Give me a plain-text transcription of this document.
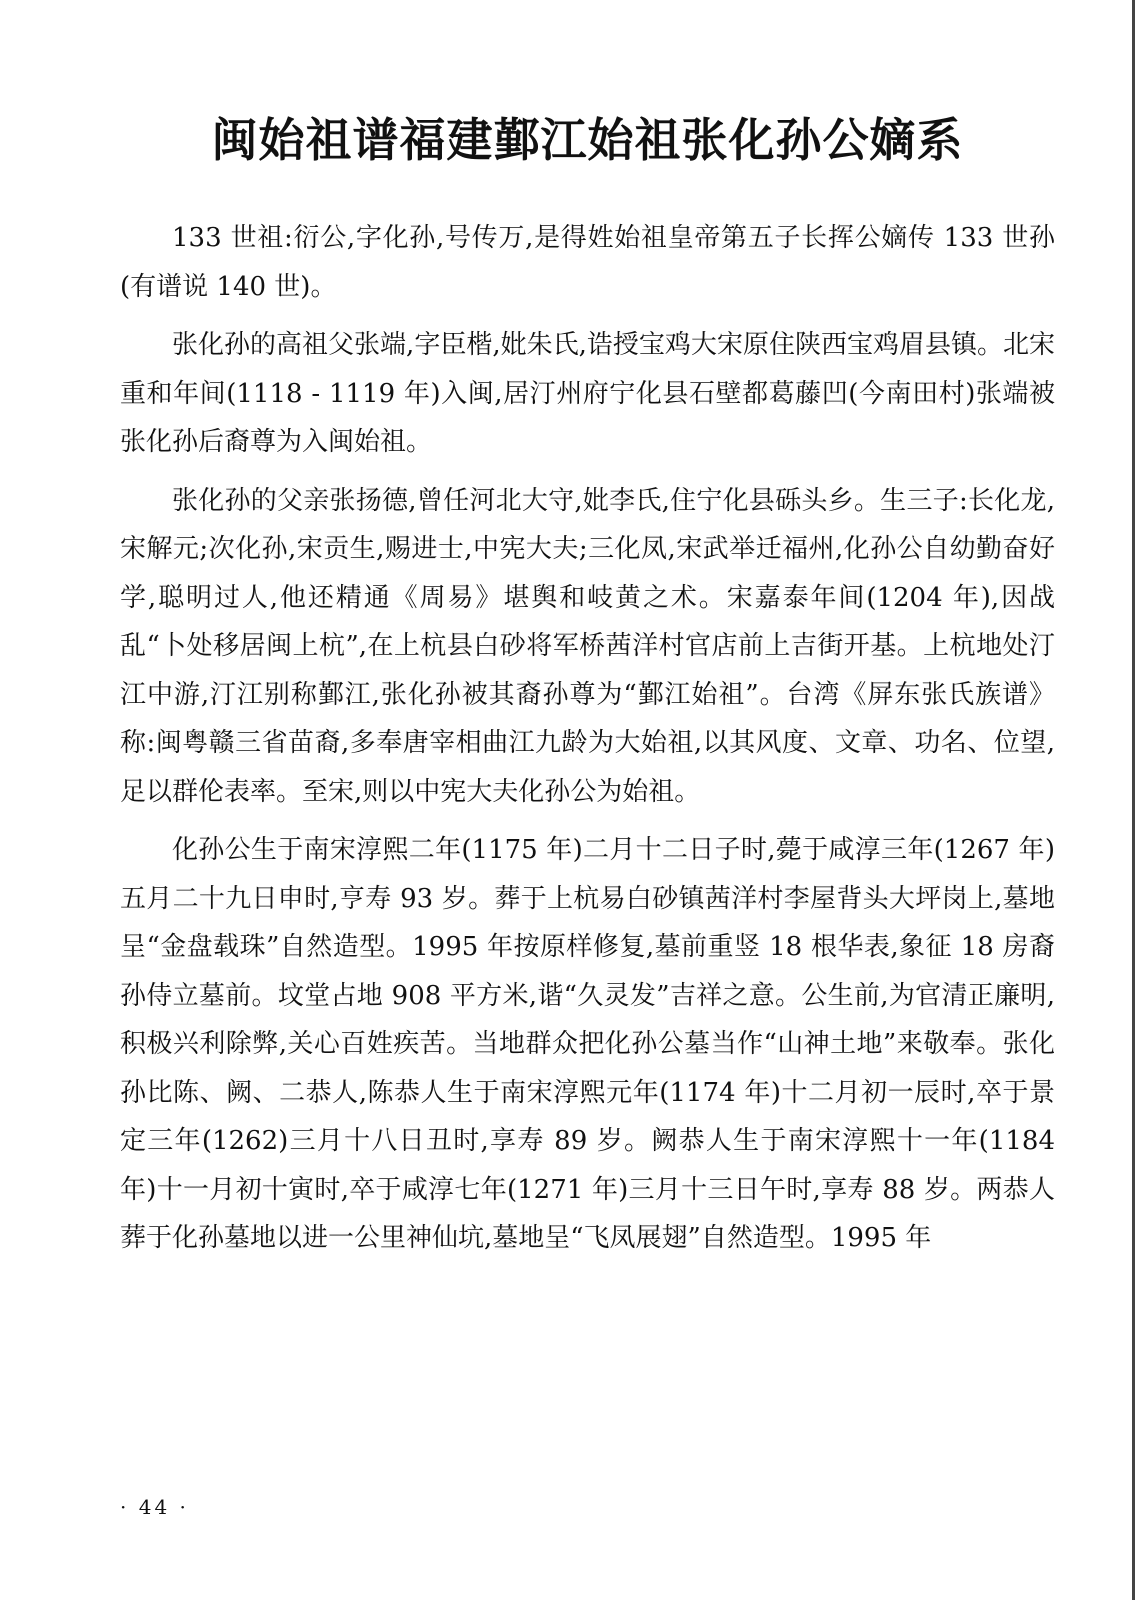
闽始祖谱福建鄞江始祖张化孙公嫡系

133 世祖:衍公,字化孙,号传万,是得姓始祖皇帝第五子长挥公嫡传 133 世孙(有谱说 140 世)。

张化孙的高祖父张端,字臣楷,妣朱氏,诰授宝鸡大宋原住陕西宝鸡眉县镇。北宋重和年间(1118 - 1119 年)入闽,居汀州府宁化县石壁都葛藤凹(今南田村)张端被张化孙后裔尊为入闽始祖。

张化孙的父亲张扬德,曾任河北大守,妣李氏,住宁化县砾头乡。生三子:长化龙,宋解元;次化孙,宋贡生,赐进士,中宪大夫;三化凤,宋武举迁福州,化孙公自幼勤奋好学,聪明过人,他还精通《周易》堪舆和岐黄之术。宋嘉泰年间(1204 年),因战乱“卜处移居闽上杭”,在上杭县白砂将军桥茜洋村官店前上吉街开基。上杭地处汀江中游,汀江别称鄞江,张化孙被其裔孙尊为“鄞江始祖”。台湾《屏东张氏族谱》称:闽粤赣三省苗裔,多奉唐宰相曲江九龄为大始祖,以其风度、文章、功名、位望,足以群伦表率。至宋,则以中宪大夫化孙公为始祖。

化孙公生于南宋淳熙二年(1175 年)二月十二日子时,薨于咸淳三年(1267 年)五月二十九日申时,亨寿 93 岁。葬于上杭易白砂镇茜洋村李屋背头大坪岗上,墓地呈“金盘载珠”自然造型。1995 年按原样修复,墓前重竖 18 根华表,象征 18 房裔孙侍立墓前。坟堂占地 908 平方米,谐“久灵发”吉祥之意。公生前,为官清正廉明,积极兴利除弊,关心百姓疾苦。当地群众把化孙公墓当作“山神土地”来敬奉。张化孙比陈、阙、二恭人,陈恭人生于南宋淳熙元年(1174 年)十二月初一辰时,卒于景定三年(1262)三月十八日丑时,享寿 89 岁。阙恭人生于南宋淳熙十一年(1184 年)十一月初十寅时,卒于咸淳七年(1271 年)三月十三日午时,享寿 88 岁。两恭人葬于化孙墓地以进一公里神仙坑,墓地呈“飞凤展翅”自然造型。1995 年

· 44 ·
